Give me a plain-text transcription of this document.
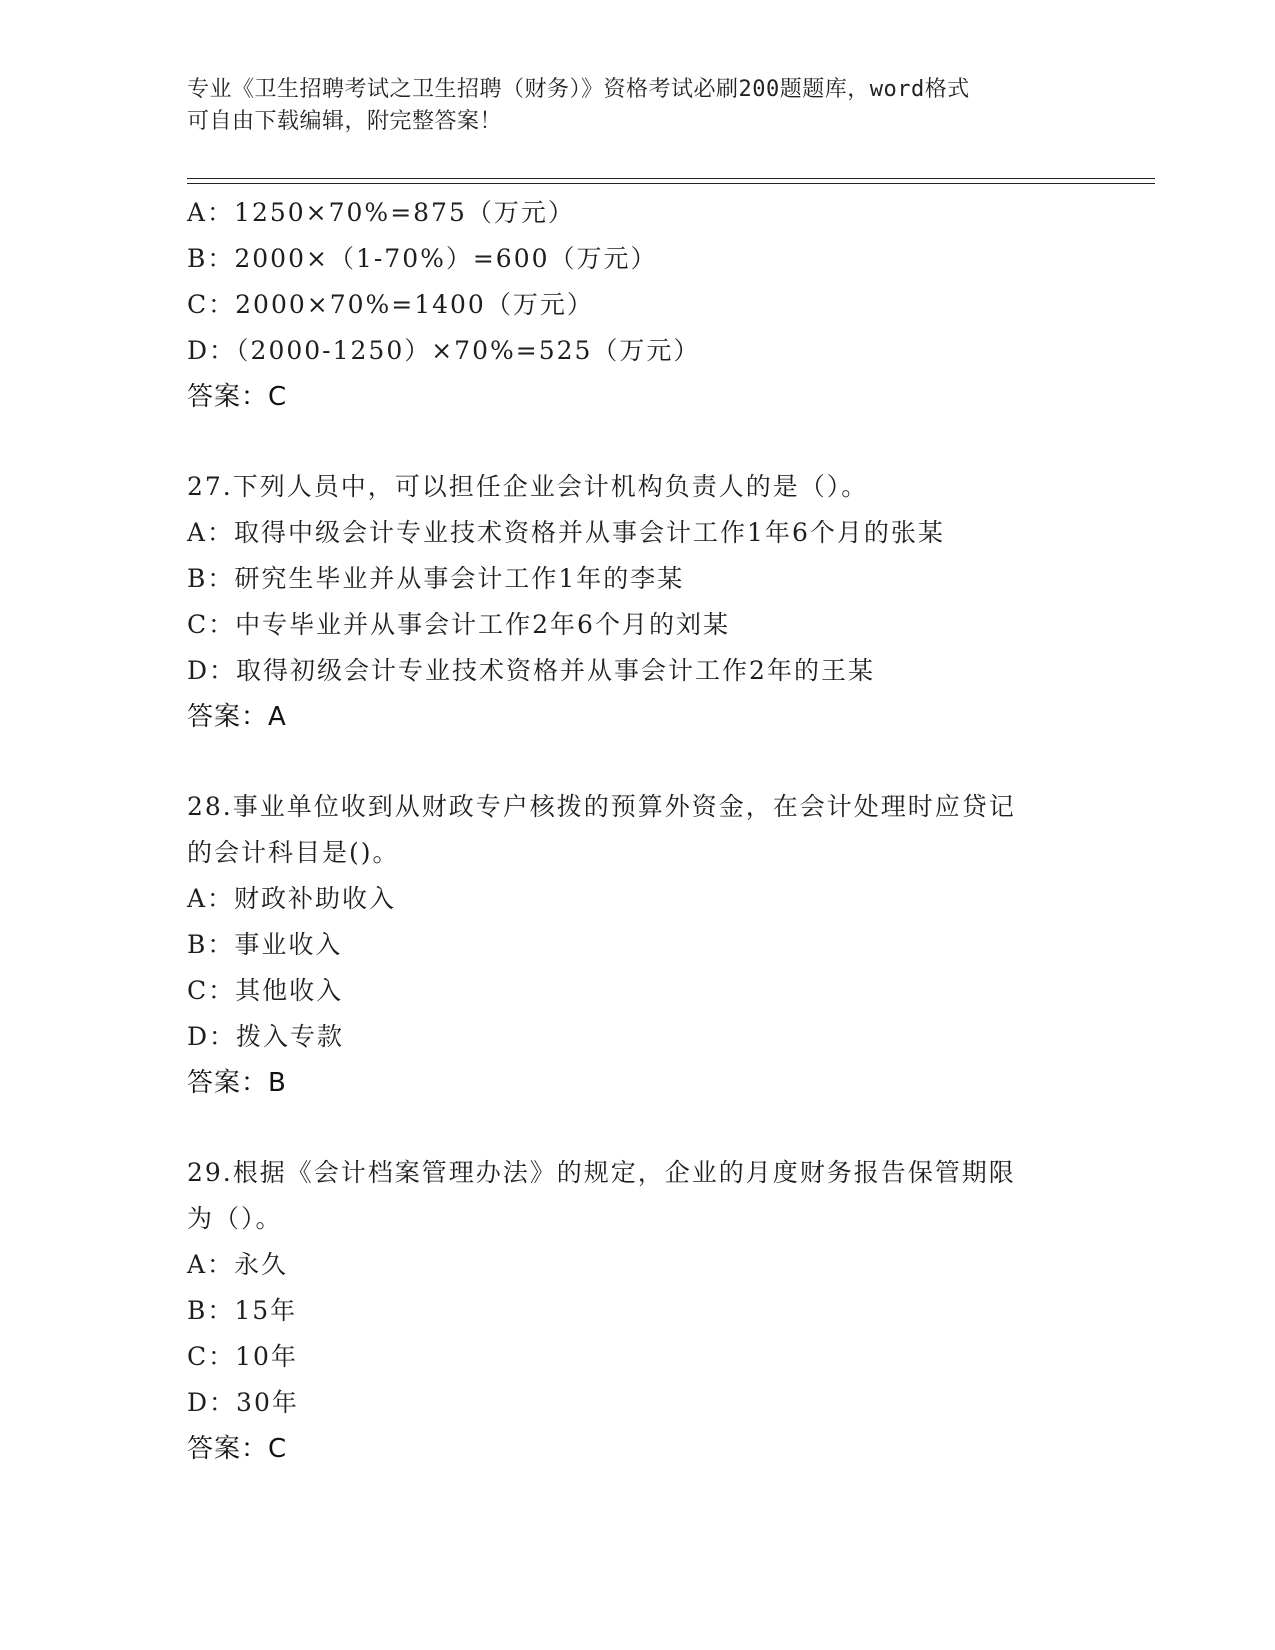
专业《卫生招聘考试之卫生招聘（财务）》资格考试必刷200题题库，word格式
可自由下载编辑，附完整答案！
A：1250×70%=875（万元）
B：2000×（1-70%）=600（万元）
C：2000×70%=1400（万元）
D：（2000-1250）×70%=525（万元）
答案：C
27.下列人员中，可以担任企业会计机构负责人的是（）。
A：取得中级会计专业技术资格并从事会计工作1年6个月的张某
B：研究生毕业并从事会计工作1年的李某
C：中专毕业并从事会计工作2年6个月的刘某
D：取得初级会计专业技术资格并从事会计工作2年的王某
答案：A
28.事业单位收到从财政专户核拨的预算外资金，在会计处理时应贷记
的会计科目是()。
A：财政补助收入
B：事业收入
C：其他收入
D：拨入专款
答案：B
29.根据《会计档案管理办法》的规定，企业的月度财务报告保管期限
为（）。
A：永久
B：15年
C：10年
D：30年
答案：C
